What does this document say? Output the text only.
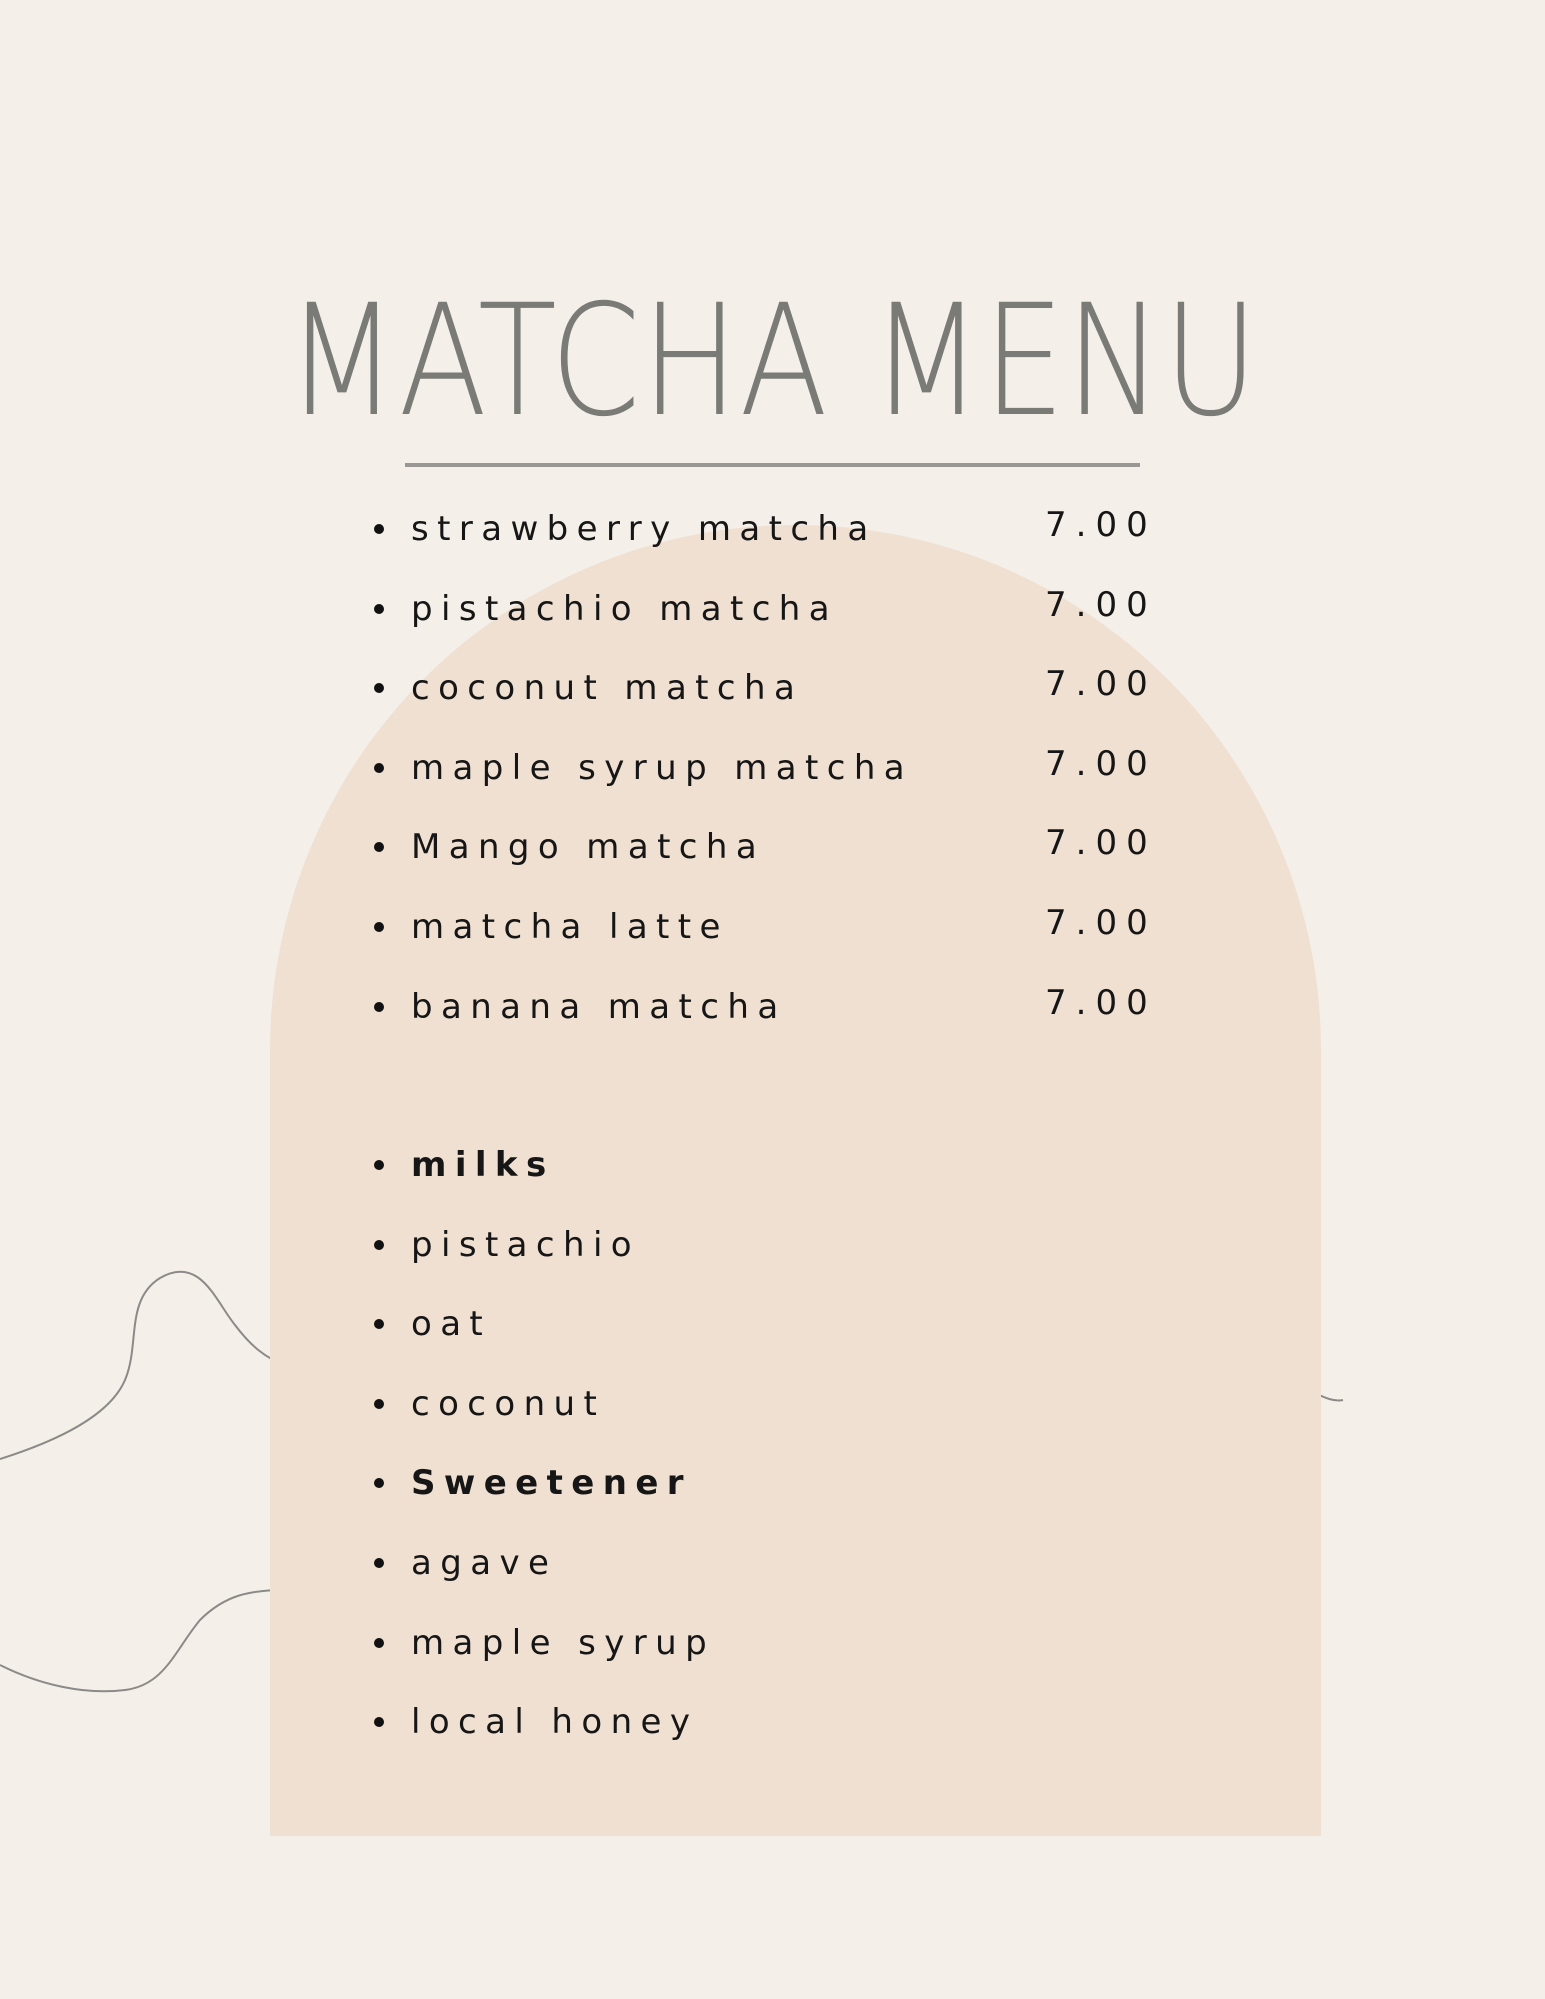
MATCHA MENU
strawberry matcha	7.00
pistachio matcha	7.00
coconut matcha	7.00
maple syrup matcha	7.00
Mango matcha	7.00
matcha latte	7.00
banana matcha	7.00
milks
pistachio
oat
coconut
Sweetener
agave
maple syrup
local honey
